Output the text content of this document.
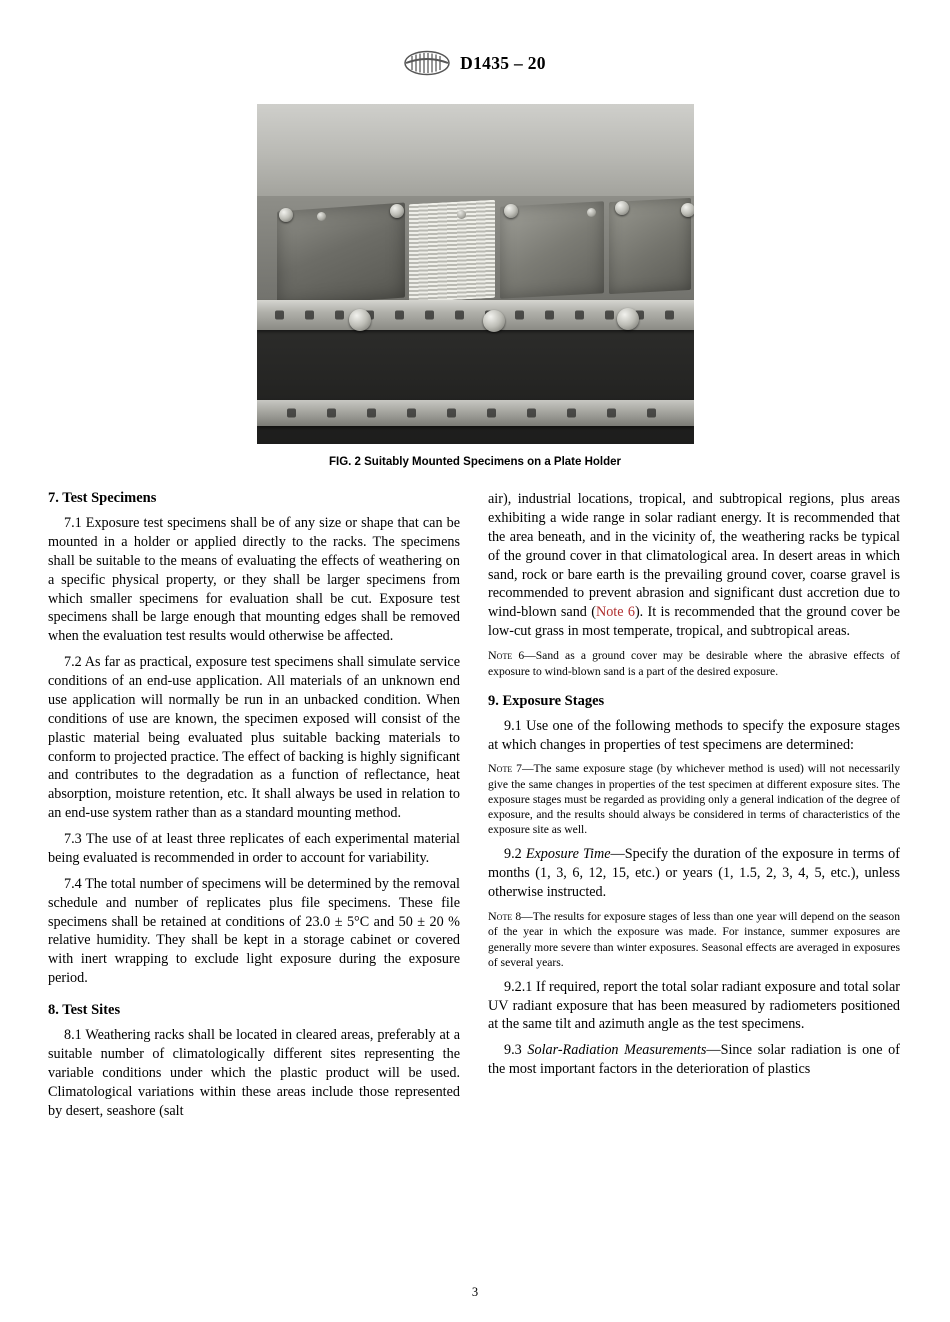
D1435 – 20
FIG. 2 Suitably Mounted Specimens on a Plate Holder
7. Test Specimens

7.1 Exposure test specimens shall be of any size or shape that can be mounted in a holder or applied directly to the racks. The specimens shall be suitable to the means of evaluating the effects of weathering on a specific physical property, or they shall be larger specimens from which smaller specimens for evaluation shall be cut. Exposure test specimens shall be large enough that mounting edges shall be removed when the evaluation test results would otherwise be affected.

7.2 As far as practical, exposure test specimens shall simulate service conditions of an end-use application. All materials of an unknown end use application will normally be run in an unbacked condition. When conditions of use are known, the specimen exposed will consist of the plastic material being evaluated plus suitable backing materials to conform to projected practice. The effect of backing is highly significant and contributes to the degradation as a function of reflectance, heat absorption, moisture retention, etc. It shall always be used in relation to an end-use system rather than as a standard mounting method.

7.3 The use of at least three replicates of each experimental material being evaluated is recommended in order to account for variability.

7.4 The total number of specimens will be determined by the removal schedule and number of replicates plus file specimens. These file specimens shall be retained at conditions of 23.0 ± 5°C and 50 ± 20 % relative humidity. They shall be kept in a storage cabinet or covered with inert wrapping to exclude light exposure during the exposure period.

8. Test Sites

8.1 Weathering racks shall be located in cleared areas, preferably at a suitable number of climatologically different sites representing the variable conditions under which the plastic product will be used. Climatological variations within these areas include those represented by desert, seashore (salt

air), industrial locations, tropical, and subtropical regions, plus areas exhibiting a wide range in solar radiant energy. It is recommended that the area beneath, and in the vicinity of, the weathering racks be typical of the ground cover in that climatological area. In desert areas in which sand, rock or bare earth is the prevailing ground cover, coarse gravel is recommended to prevent abrasion and significant dust accretion due to wind-blown sand (Note 6). It is recommended that the ground cover be low-cut grass in most temperate, tropical, and subtropical areas.

Note 6—Sand as a ground cover may be desirable where the abrasive effects of exposure to wind-blown sand is a part of the desired exposure.

9. Exposure Stages

9.1 Use one of the following methods to specify the exposure stages at which changes in properties of test specimens are determined:

Note 7—The same exposure stage (by whichever method is used) will not necessarily give the same changes in properties of the test specimen at different exposure sites. The exposure stages must be regarded as providing only a general indication of the degree of exposure, and the results should always be considered in terms of characteristics of the exposure site as well.

9.2 Exposure Time—Specify the duration of the exposure in terms of months (1, 3, 6, 12, 15, etc.) or years (1, 1.5, 2, 3, 4, 5, etc.), unless otherwise instructed.

Note 8—The results for exposure stages of less than one year will depend on the season of the year in which the exposure was made. For instance, summer exposures are generally more severe than winter exposures. Seasonal effects are averaged in exposures of several years.

9.2.1 If required, report the total solar radiant exposure and total solar UV radiant exposure that has been measured by radiometers positioned at the same tilt and azimuth angle as the test specimens.

9.3 Solar-Radiation Measurements—Since solar radiation is one of the most important factors in the deterioration of plastics

3
